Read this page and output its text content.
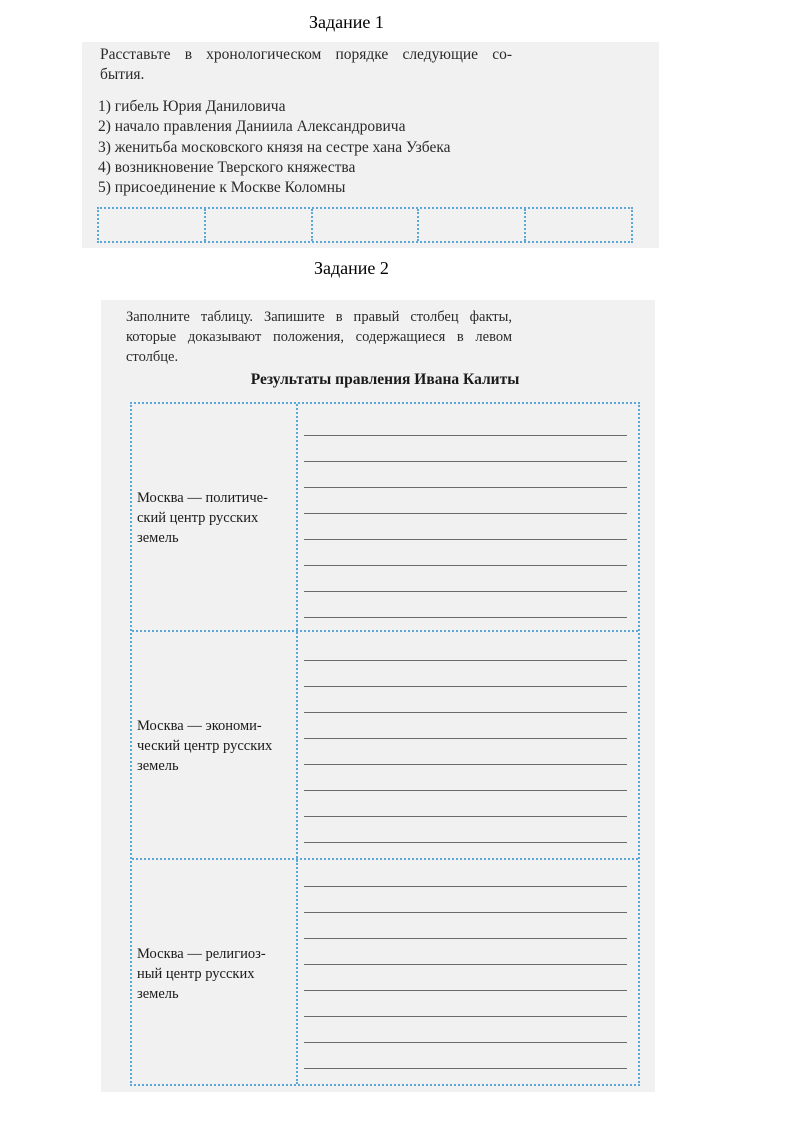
Задание 1
Расставьте в хронологическом порядке следующие со-
бытия.
1) гибель Юрия Даниловича
2) начало правления Даниила Александровича
3) женитьба московского князя на сестре хана Узбека
4) возникновение Тверского княжества
5) присоединение к Москве Коломны
Задание 2
Заполните таблицу. Запишите в правый столбец факты,
которые доказывают положения, содержащиеся в левом
столбце.
Результаты правления Ивана Калиты
Москва — политиче-
ский центр русских
земель
Москва — экономи-
ческий центр русских
земель
Москва — религиоз-
ный центр русских
земель
